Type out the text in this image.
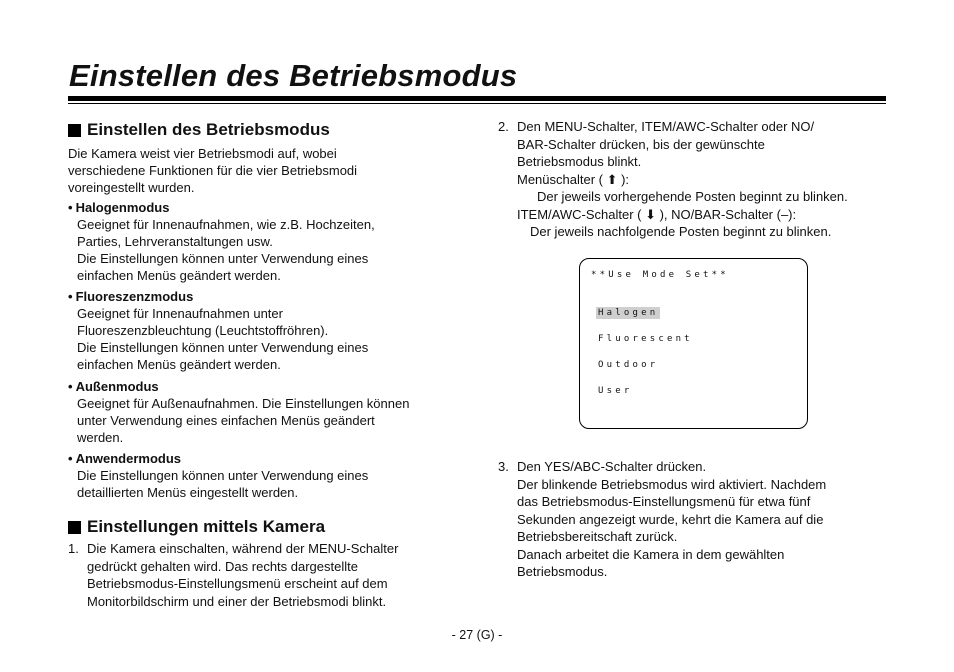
Einstellen des Betriebsmodus
Einstellen des Betriebsmodus

Die Kamera weist vier Betriebsmodi auf, wobei verschiedene Funktionen für die vier Betriebsmodi voreingestellt wurden.

• Halogenmodus
Geeignet für Innenaufnahmen, wie z.B. Hochzeiten,
Parties, Lehrveranstaltungen usw.
Die Einstellungen können unter Verwendung eines
einfachen Menüs geändert werden.
• Fluoreszenzmodus
Geeignet für Innenaufnahmen unter
Fluoreszenzbleuchtung (Leuchtstoffröhren).
Die Einstellungen können unter Verwendung eines
einfachen Menüs geändert werden.
• Außenmodus
Geeignet für Außenaufnahmen. Die Einstellungen können
unter Verwendung eines einfachen Menüs geändert
werden.
• Anwendermodus
Die Einstellungen können unter Verwendung eines
detaillierten Menüs eingestellt werden.
Einstellungen mittels Kamera
1. Die Kamera einschalten, während der MENU-Schalter
gedrückt gehalten wird. Das rechts dargestellte
Betriebsmodus-Einstellungsmenü erscheint auf dem
Monitorbildschirm und einer der Betriebsmodi blinkt.
2. Den MENU-Schalter, ITEM/AWC-Schalter oder NO/
BAR-Schalter drücken, bis der gewünschte
Betriebsmodus blinkt.
Menüschalter ( ⬆ ):
Der jeweils vorhergehende Posten beginnt zu blinken.
ITEM/AWC-Schalter ( ⬇ ), NO/BAR-Schalter (–):
Der jeweils nachfolgende Posten beginnt zu blinken.
**Use Mode Set**
Halogen
Fluorescent
Outdoor
User
3. Den YES/ABC-Schalter drücken.
Der blinkende Betriebsmodus wird aktiviert. Nachdem
das Betriebsmodus-Einstellungsmenü für etwa fünf
Sekunden angezeigt wurde, kehrt die Kamera auf die
Betriebsbereitschaft zurück.
Danach arbeitet die Kamera in dem gewählten
Betriebsmodus.
- 27 (G) -
